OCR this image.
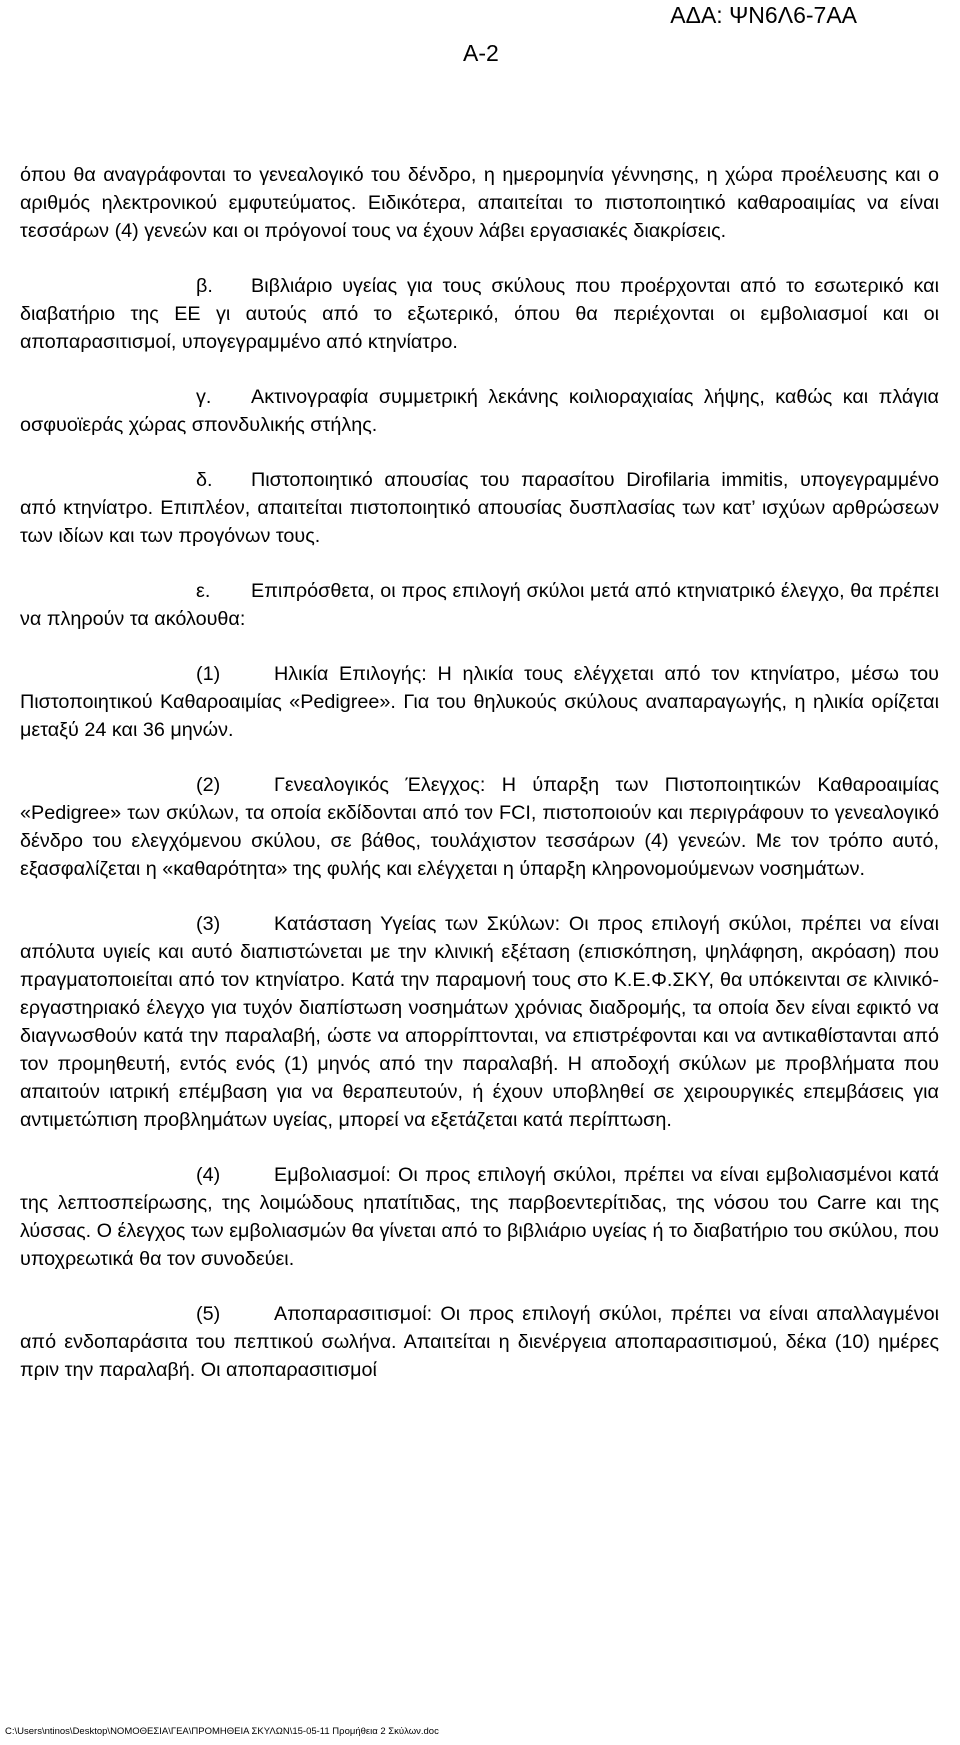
ΑΔΑ: ΨΝ6Λ6-7ΑΑ
Α-2

όπου θα αναγράφονται το γενεαλογικό του δένδρο, η ημερομηνία γέννησης, η χώρα προέλευσης και ο αριθμός ηλεκτρονικού εμφυτεύματος. Ειδικότερα, απαιτείται το πιστοποιητικό καθαροαιμίας να είναι τεσσάρων (4) γενεών και οι πρόγονοί τους να έχουν λάβει εργασιακές διακρίσεις.

β. Βιβλιάριο υγείας για τους σκύλους που προέρχονται από το εσωτερικό και διαβατήριο της ΕΕ γι αυτούς από το εξωτερικό, όπου θα περιέχονται οι εμβολιασμοί και οι αποπαρασιτισμοί, υπογεγραμμένο από κτηνίατρο.

γ. Ακτινογραφία συμμετρική λεκάνης κοιλιοραχιαίας λήψης, καθώς και πλάγια οσφυοϊεράς χώρας σπονδυλικής στήλης.

δ. Πιστοποιητικό απουσίας του παρασίτου Dirofilaria immitis, υπογεγραμμένο από κτηνίατρο. Επιπλέον, απαιτείται πιστοποιητικό απουσίας δυσπλασίας των κατ’ ισχύων αρθρώσεων των ιδίων και των προγόνων τους.

ε. Επιπρόσθετα, οι προς επιλογή σκύλοι μετά από κτηνιατρικό έλεγχο, θα πρέπει να πληρούν τα ακόλουθα:

(1)	Ηλικία Επιλογής: Η ηλικία τους ελέγχεται από τον κτηνίατρο, μέσω του Πιστοποιητικού Καθαροαιμίας «Pedigree». Για του θηλυκούς σκύλους αναπαραγωγής, η ηλικία ορίζεται μεταξύ 24 και 36 μηνών.

(2)	Γενεαλογικός Έλεγχος: Η ύπαρξη των Πιστοποιητικών Καθαροαιμίας «Pedigree» των σκύλων, τα οποία εκδίδονται από τον FCI, πιστοποιούν και περιγράφουν το γενεαλογικό δένδρο του ελεγχόμενου σκύλου, σε βάθος, τουλάχιστον τεσσάρων (4) γενεών. Με τον τρόπο αυτό, εξασφαλίζεται η «καθαρότητα» της φυλής και ελέγχεται η ύπαρξη κληρονομούμενων νοσημάτων.

(3)	Κατάσταση Υγείας των Σκύλων: Οι προς επιλογή σκύλοι, πρέπει να είναι απόλυτα υγιείς και αυτό διαπιστώνεται με την κλινική εξέταση (επισκόπηση, ψηλάφηση, ακρόαση) που πραγματοποιείται από τον κτηνίατρο. Κατά την παραμονή τους στο Κ.Ε.Φ.ΣΚΥ, θα υπόκεινται σε κλινικό-εργαστηριακό έλεγχο για τυχόν διαπίστωση νοσημάτων χρόνιας διαδρομής, τα οποία δεν είναι εφικτό να διαγνωσθούν κατά την παραλαβή, ώστε να απορρίπτονται, να επιστρέφονται και να αντικαθίστανται από τον προμηθευτή, εντός ενός (1) μηνός από την παραλαβή. Η αποδοχή σκύλων με προβλήματα που απαιτούν ιατρική επέμβαση για να θεραπευτούν, ή έχουν υποβληθεί σε χειρουργικές επεμβάσεις για αντιμετώπιση προβλημάτων υγείας, μπορεί να εξετάζεται κατά περίπτωση.

(4)	Εμβολιασμοί: Οι προς επιλογή σκύλοι, πρέπει να είναι εμβολιασμένοι κατά της λεπτοσπείρωσης, της λοιμώδους ηπατίτιδας, της παρβοεντερίτιδας, της νόσου του Carre και της λύσσας. Ο έλεγχος των εμβολιασμών θα γίνεται από το βιβλιάριο υγείας ή το διαβατήριο του σκύλου, που υποχρεωτικά θα τον συνοδεύει.

(5)	Αποπαρασιτισμοί: Οι προς επιλογή σκύλοι, πρέπει να είναι απαλλαγμένοι από ενδοπαράσιτα του πεπτικού σωλήνα. Απαιτείται η διενέργεια αποπαρασιτισμού, δέκα (10) ημέρες πριν την παραλαβή. Οι αποπαρασιτισμοί

C:\Users\ntinos\Desktop\ΝΟΜΟΘΕΣΙΑ\ΓΕΑ\ΠΡΟΜΗΘΕΙΑ ΣΚΥΛΩΝ\15-05-11 Προμήθεια 2 Σκύλων.doc
